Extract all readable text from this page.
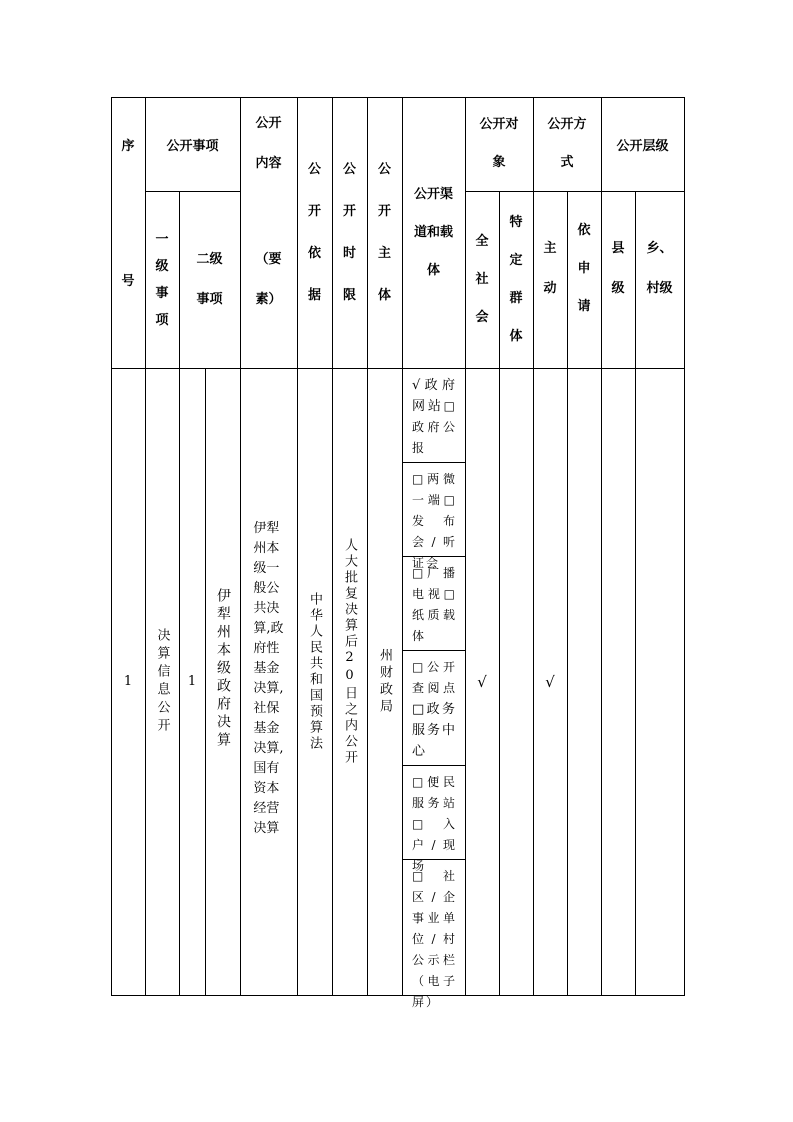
序
号
公开事项
一
级
事
项
二级
事项
公开
内容
（要
素）
公
开
依
据
公
开
时
限
公
开
主
体
公开渠
道和载
体
公开对
象
全
社
会
特
定
群
体
公开方
式
主
动
依
申
请
公开层级
县
级
乡、
村级
1 决算信息公开 1 伊犁州本级政府决算
伊犁
州本
级一
般公
共决
算,政
府性
基金
决算,
社保
基金
决算,
国有
资本
经营
决算
中华人民共和国预算法 人大批复决算后20日之内公开 州财政局
√政府网站□政府公报
□两微一端□发布会/听证会
□广播电视□纸质载体
□公开查阅点□政务服务中心
□便民服务站□入户/现场
□社区/企事业单位/村公示栏（电子屏）
√	√
